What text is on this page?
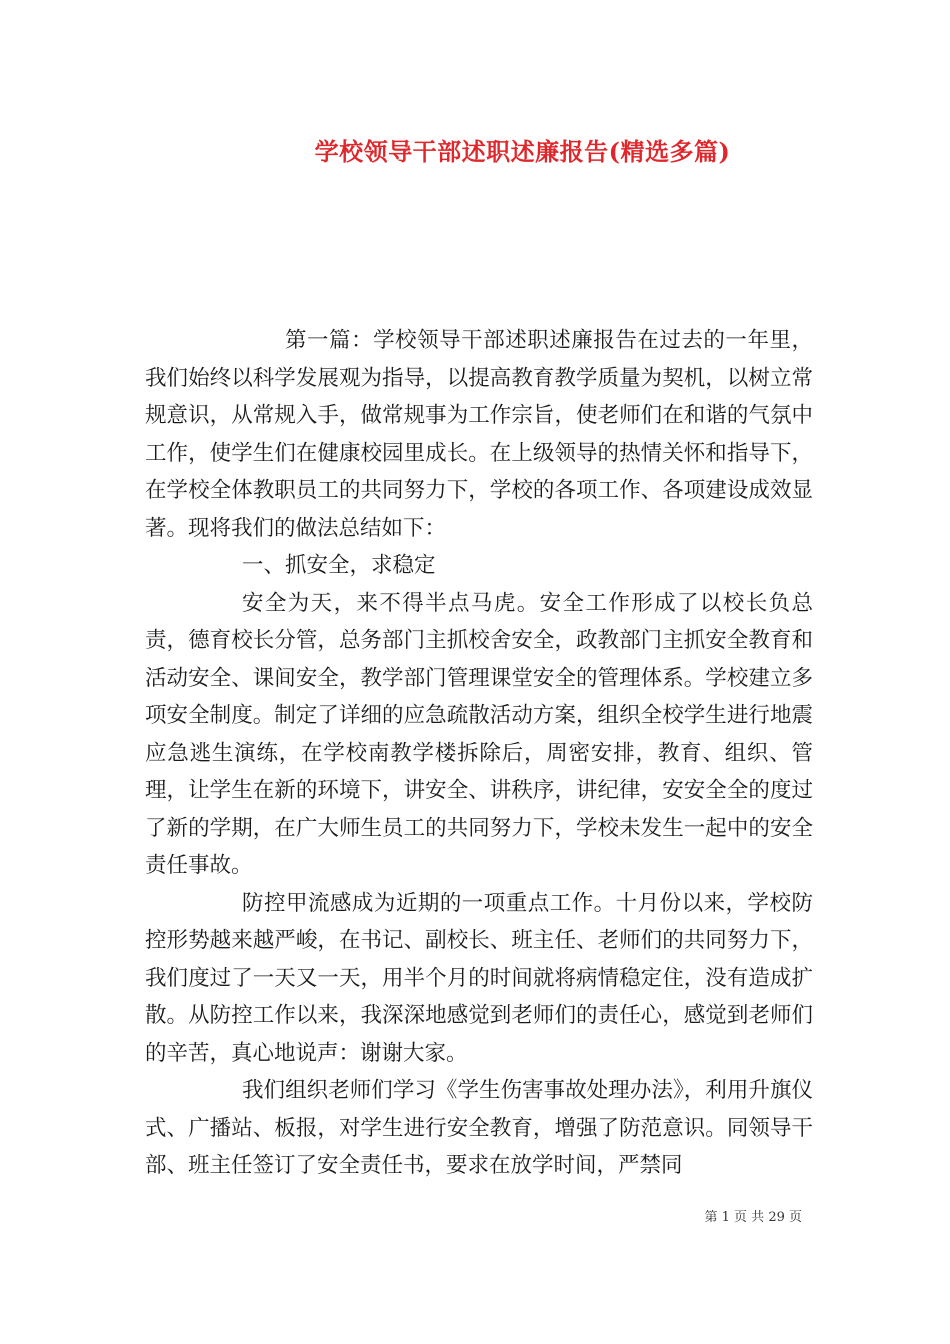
学校领导干部述职述廉报告(精选多篇)

第一篇：学校领导干部述职述廉报告在过去的一年里，我们始终以科学发展观为指导，以提高教育教学质量为契机，以树立常规意识，从常规入手，做常规事为工作宗旨，使老师们在和谐的气氛中工作，使学生们在健康校园里成长。在上级领导的热情关怀和指导下，在学校全体教职员工的共同努力下，学校的各项工作、各项建设成效显著。现将我们的做法总结如下：

一、抓安全，求稳定

安全为天，来不得半点马虎。安全工作形成了以校长负总责，德育校长分管，总务部门主抓校舍安全，政教部门主抓安全教育和活动安全、课间安全，教学部门管理课堂安全的管理体系。学校建立多项安全制度。制定了详细的应急疏散活动方案，组织全校学生进行地震应急逃生演练，在学校南教学楼拆除后，周密安排，教育、组织、管理，让学生在新的环境下，讲安全、讲秩序，讲纪律，安安全全的度过了新的学期，在广大师生员工的共同努力下，学校未发生一起中的安全责任事故。

防控甲流感成为近期的一项重点工作。十月份以来，学校防控形势越来越严峻，在书记、副校长、班主任、老师们的共同努力下，我们度过了一天又一天，用半个月的时间就将病情稳定住，没有造成扩散。从防控工作以来，我深深地感觉到老师们的责任心，感觉到老师们的辛苦，真心地说声：谢谢大家。

我们组织老师们学习《学生伤害事故处理办法》，利用升旗仪式、广播站、板报，对学生进行安全教育，增强了防范意识。同领导干部、班主任签订了安全责任书，要求在放学时间，严禁同

第 1 页 共 29 页
